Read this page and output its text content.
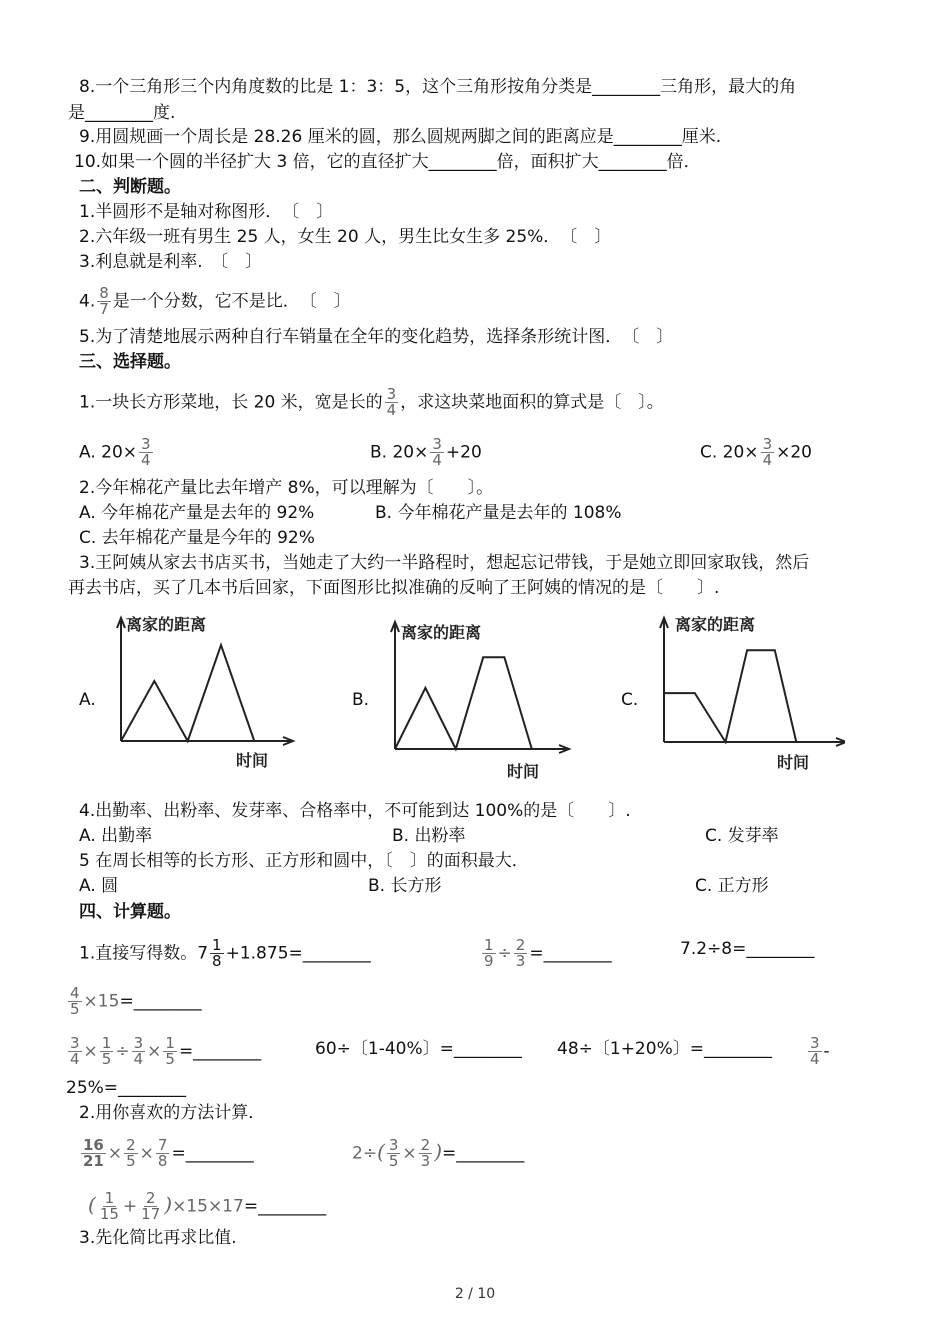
8.一个三角形三个内角度数的比是 1：3：5，这个三角形按角分类是________三角形，最大的角
是________度.
9.用圆规画一个周长是 28.26 厘米的圆，那么圆规两脚之间的距离应是________厘米.
10.如果一个圆的半径扩大 3 倍，它的直径扩大________倍，面积扩大________倍．
二、判断题。
1.半圆形不是轴对称图形．　〔　〕
2.六年级一班有男生 25 人，女生 20 人，男生比女生多 25%．　〔　〕
3.利息就是利率.　〔　〕
4. $\frac{8}{7}$ 是一个分数，它不是比．　〔　〕
5.为了清楚地展示两种自行车销量在全年的变化趋势，选择条形统计图．　〔　〕
三、选择题。
1.一块长方形菜地，长 20 米，宽是长的 $\frac{3}{4}$ ，求这块菜地面积的算式是〔　〕。
A. $20\times \frac{3}{4}$	B. $20\times \frac{3}{4} +20$	C. $20\times \frac{3}{4} \times 20$
2.今年棉花产量比去年增产 8%，可以理解为〔　　〕。
A. 今年棉花产量是去年的 92%	B. 今年棉花产量是去年的 108%
C. 去年棉花产量是今年的 92%
3.王阿姨从家去书店买书，当她走了大约一半路程时，想起忘记带钱，于是她立即回家取钱，然后
再去书店，买了几本书后回家，下面图形比拟准确的反响了王阿姨的情况的是〔　　〕.
A.	B.	C.
离家的距离
时间
离家的距离
时间
离家的距离
时间
4.出勤率、出粉率、发芽率、合格率中，不可能到达 100%的是〔　　〕.
A. 出勤率	B. 出粉率	C. 发芽率
5 在周长相等的长方形、正方形和圆中，〔　〕的面积最大．
A. 圆	B. 长方形	C. 正方形
四、计算题。
1.直接写得数。$7 \frac{1}{8}$ +1.875=________	$\frac{1}{9} \div \frac{2}{3}$ =________	7.2÷8=________
$\frac{4}{5}$ ×15=________
$\frac{3}{4} \times \frac{1}{5} \div \frac{3}{4} \times \frac{1}{5}$ =________	60÷〔1-40%〕=________ 48÷〔1+20%〕=________ $\frac{3}{4}$ -
25%=________
2.用你喜欢的方法计算．
$\frac{16}{21} \times \frac{2}{5} \times \frac{7}{8}$ =________	$2\div( \frac{3}{5} \times \frac{2}{3}$ )=________
( $\frac{1}{15} + \frac{2}{17}$ )×15×17=________
3.先化简比再求比值.
2 / 10
